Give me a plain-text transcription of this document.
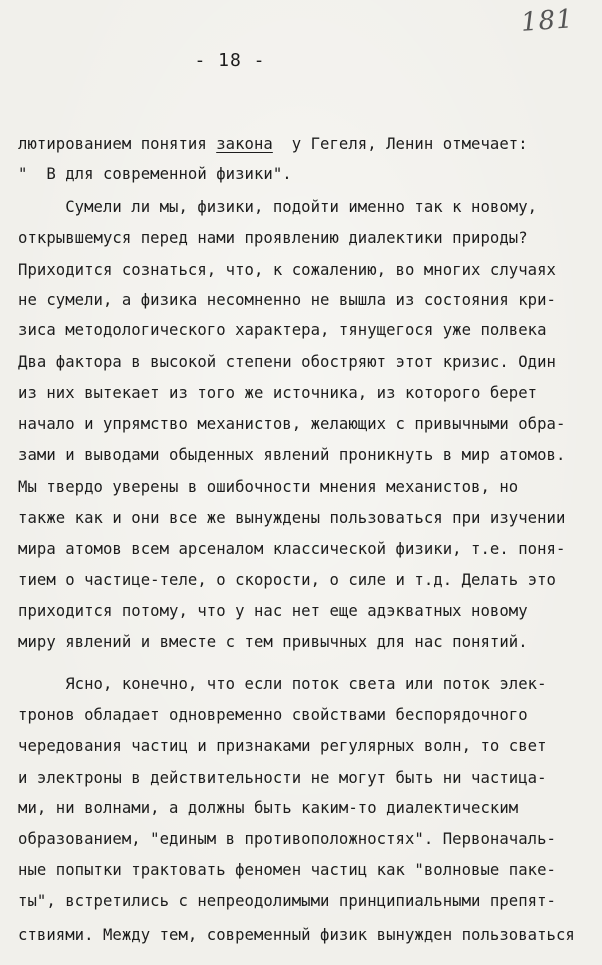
181
- 18 -
лютированием понятия закона  у Гегеля, Ленин отмечает:
"  В для современной физики".
Сумели ли мы, физики, подойти именно так к новому,
открывшемуся перед нами проявлению диалектики природы?
Приходится сознаться, что, к сожалению, во многих случаях
не сумели, а физика несомненно не вышла из состояния кри-
зиса методологического характера, тянущегося уже полвека
Два фактора в высокой степени обостряют этот кризис. Один
из них вытекает из того же источника, из которого берет
начало и упрямство механистов, желающих с привычными обра-
зами и выводами обыденных явлений проникнуть в мир атомов.
Мы твердо уверены в ошибочности мнения механистов, но
также как и они все же вынуждены пользоваться при изучении
мира атомов всем арсеналом классической физики, т.е. поня-
тием о частице-теле, о скорости, о силе и т.д. Делать это
приходится потому, что у нас нет еще адэкватных новому
миру явлений и вместе с тем привычных для нас понятий.
Ясно, конечно, что если поток света или поток элек-
тронов обладает одновременно свойствами беспорядочного
чередования частиц и признаками регулярных волн, то свет
и электроны в действительности не могут быть ни частица-
ми, ни волнами, а должны быть каким-то диалектическим
образованием, "единым в противоположностях". Первоначаль-
ные попытки трактовать феномен частиц как "волновые пакe-
ты", встретились с непреодолимыми принципиальными препят-
ствиями. Между тем, современный физик вынужден пользоваться
